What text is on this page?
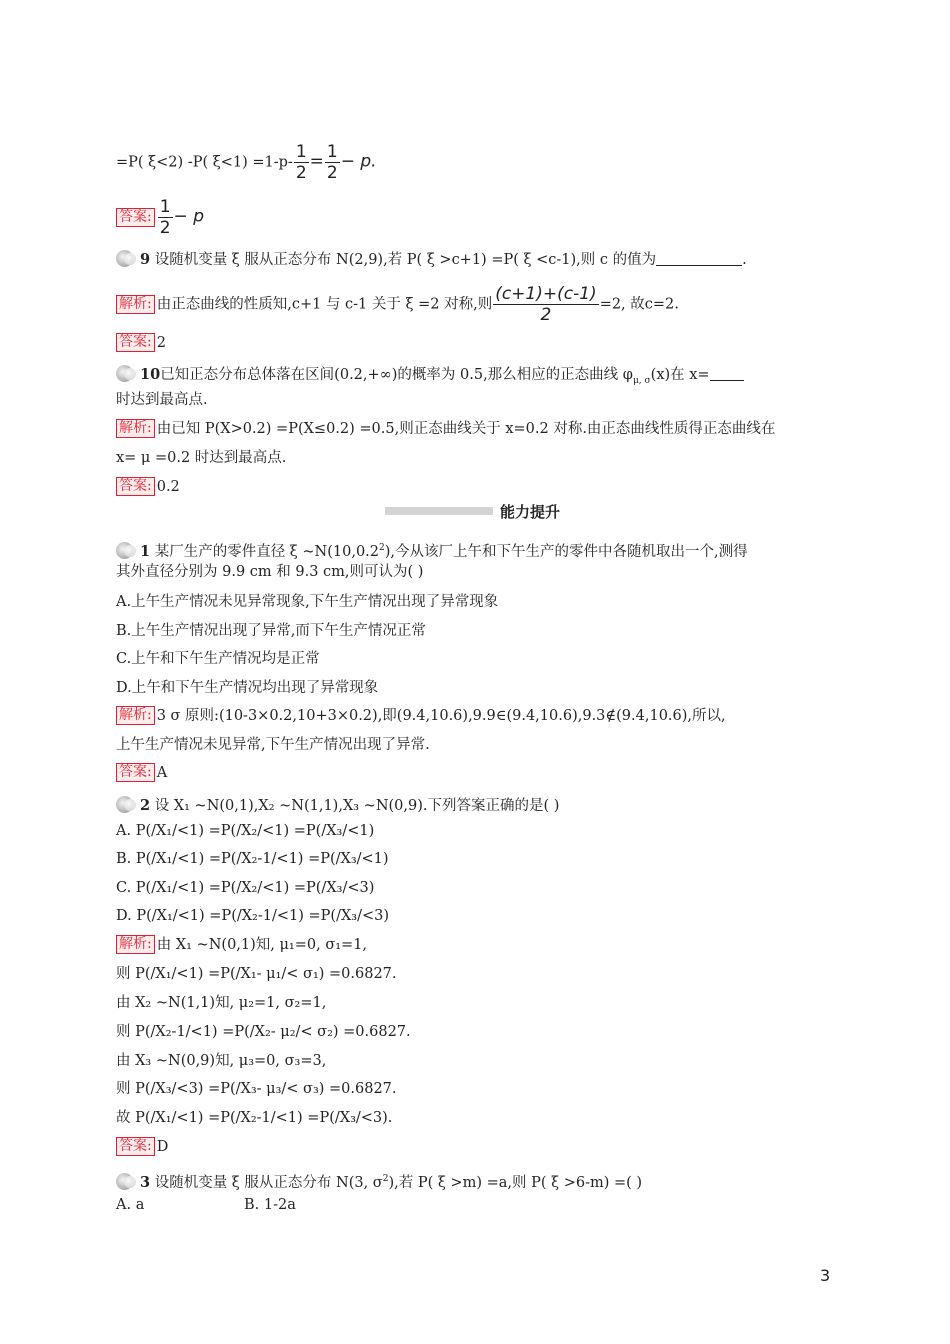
=P( ξ<2) -P( $\xi<1) =1-p- \frac{1}{2} = \frac{1}{2} - p$.
答案: $\frac{1}{2} - p$
9 设随机变量 ξ 服从正态分布 N(2,9),若 P( ξ >c+1) =P( ξ <c-1),则 c 的值为	.
解析: 由正态曲线的性质知,c+1 与 c-1 关于 ξ =2 对称,则 $\frac{(c+1)+(c-1)}{2} =2$, 故c=2.
答案: 2
10已知正态分布总体落在区间(0.2,+∞)的概率为 0.5,那么相应的正态曲线 $\varphi_{\mu, \sigma}(x)$在 x=
时达到最高点.
解析: 由已知 P(X>0.2) =P(X≤0.2) =0.5,则正态曲线关于 x=0.2 对称.由正态曲线性质得正态曲线在
x= μ =0.2 时达到最高点.
答案: 0.2
能力提升
1 某厂生产的零件直径 ξ ~N(10,0.2$^2$),今从该厂上午和下午生产的零件中各随机取出一个,测得
其外直径分别为 9.9 cm 和 9.3 cm,则可认为( )
A.上午生产情况未见异常现象,下午生产情况出现了异常现象
B.上午生产情况出现了异常,而下午生产情况正常
C.上午和下午生产情况均是正常
D.上午和下午生产情况均出现了异常现象
解析: 3 σ 原则:(10-3×0.2,10+3×0.2),即(9.4,10.6),9.9∈(9.4,10.6),9.3∉(9.4,10.6),所以,
上午生产情况未见异常,下午生产情况出现了异常.
答案: A
2 设 X₁ ~N(0,1),X₂ ~N(1,1),X₃ ~N(0,9).下列答案正确的是( )
A. P(/X₁/<1) =P(/X₂/<1) =P(/X₃/<1)
B. P(/X₁/<1) =P(/X₂-1/<1) =P(/X₃/<1)
C. P(/X₁/<1) =P(/X₂/<1) =P(/X₃/<3)
D. P(/X₁/<1) =P(/X₂-1/<1) =P(/X₃/<3)
解析: 由 X₁ ~N(0,1)知, μ₁=0, σ₁=1,
则 P(/X₁/<1) =P(/X₁- μ₁/< σ₁) =0.6827.
由 X₂ ~N(1,1)知, μ₂=1, σ₂=1,
则 P(/X₂-1/<1) =P(/X₂- μ₂/< σ₂) =0.6827.
由 X₃ ~N(0,9)知, μ₃=0, σ₃=3,
则 P(/X₃/<3) =P(/X₃- μ₃/< σ₃) =0.6827.
故 P(/X₁/<1) =P(/X₂-1/<1) =P(/X₃/<3).
答案: D
3 设随机变量 ξ 服从正态分布 N(3, $\sigma^2$),若 P( ξ >m) =a,则 P( ξ >6-m) =( )
A. a	B. 1-2a
3
